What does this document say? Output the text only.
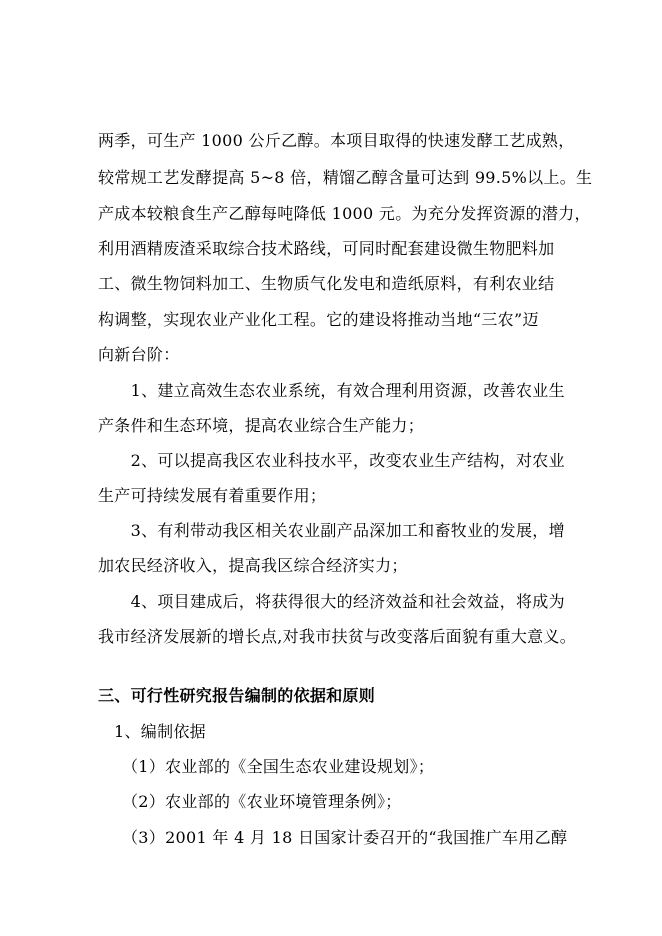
两季，可生产 1000 公斤乙醇。本项目取得的快速发酵工艺成熟，
较常规工艺发酵提高 5~8 倍，精馏乙醇含量可达到 99.5%以上。生
产成本较粮食生产乙醇每吨降低 1000 元。为充分发挥资源的潜力，
利用酒精废渣采取综合技术路线，可同时配套建设微生物肥料加
工、微生物饲料加工、生物质气化发电和造纸原料，有利农业结
构调整，实现农业产业化工程。它的建设将推动当地“三农”迈
向新台阶：
　　1、建立高效生态农业系统，有效合理利用资源，改善农业生
产条件和生态环境，提高农业综合生产能力；
　　2、可以提高我区农业科技水平，改变农业生产结构，对农业
生产可持续发展有着重要作用；
　　3、有利带动我区相关农业副产品深加工和畜牧业的发展，增
加农民经济收入，提高我区综合经济实力；
　　4、项目建成后，将获得很大的经济效益和社会效益，将成为
我市经济发展新的增长点,对我市扶贫与改变落后面貌有重大意义。
三、可行性研究报告编制的依据和原则
1、编制依据
（1）农业部的《全国生态农业建设规划》；
（2）农业部的《农业环境管理条例》；
（3）2001 年 4 月 18 日国家计委召开的“我国推广车用乙醇
